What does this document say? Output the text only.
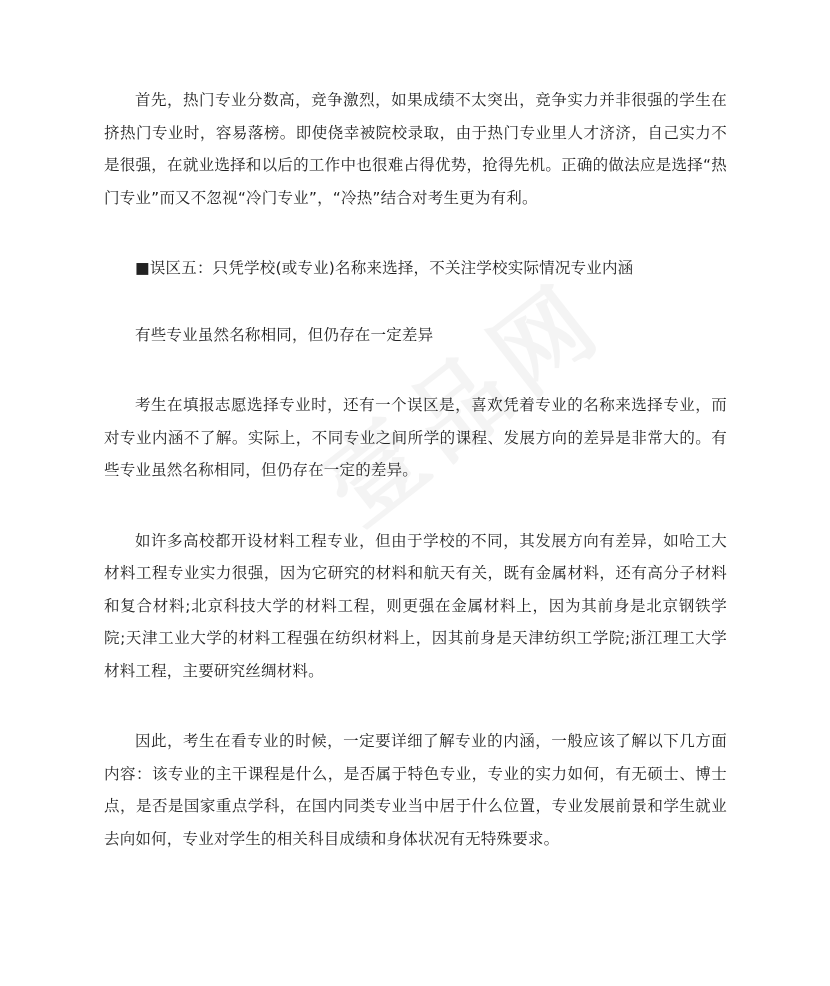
首先，热门专业分数高，竞争激烈，如果成绩不太突出，竞争实力并非很强的学生在挤热门专业时，容易落榜。即使侥幸被院校录取，由于热门专业里人才济济，自己实力不是很强，在就业选择和以后的工作中也很难占得优势，抢得先机。正确的做法应是选择“热门专业”而又不忽视“冷门专业”，“冷热”结合对考生更为有利。

■误区五：只凭学校(或专业)名称来选择，不关注学校实际情况专业内涵

有些专业虽然名称相同，但仍存在一定差异

考生在填报志愿选择专业时，还有一个误区是，喜欢凭着专业的名称来选择专业，而对专业内涵不了解。实际上，不同专业之间所学的课程、发展方向的差异是非常大的。有些专业虽然名称相同，但仍存在一定的差异。

如许多高校都开设材料工程专业，但由于学校的不同，其发展方向有差异，如哈工大材料工程专业实力很强，因为它研究的材料和航天有关，既有金属材料，还有高分子材料和复合材料;北京科技大学的材料工程，则更强在金属材料上，因为其前身是北京钢铁学院;天津工业大学的材料工程强在纺织材料上，因其前身是天津纺织工学院;浙江理工大学材料工程，主要研究丝绸材料。

因此，考生在看专业的时候，一定要详细了解专业的内涵，一般应该了解以下几方面内容：该专业的主干课程是什么，是否属于特色专业，专业的实力如何，有无硕士、博士点，是否是国家重点学科，在国内同类专业当中居于什么位置，专业发展前景和学生就业去向如何，专业对学生的相关科目成绩和身体状况有无特殊要求。
